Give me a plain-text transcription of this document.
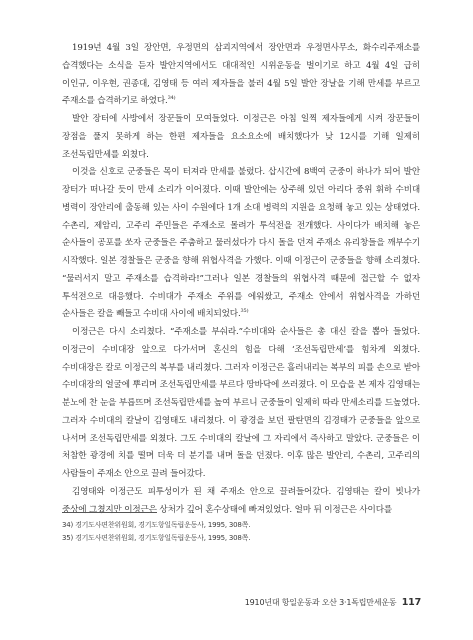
1919년 4월 3일 장안면, 우정면의 삼괴지역에서 장안면과 우정면사무소, 화수리주재소를 습격했다는 소식을 듣자 발안지역에서도 대대적인 시위운동을 벌이기로 하고 4월 4일 급히 이인규, 이우현, 권종대, 김영태 등 여러 제자들을 불러 4월 5일 발안 장날을 기해 만세를 부르고 주재소를 습격하기로 하였다.$^{34)}$

발안 장터에 사방에서 장꾼들이 모여들었다. 이정근은 아침 일찍 제자들에게 시켜 장꾼들이 장점을 풀지 못하게 하는 한편 제자들을 요소요소에 배치했다가 낮 12시를 기해 일제히 조선독립만세를 외쳤다.

이것을 신호로 군중들은 목이 터져라 만세를 불렀다. 삽시간에 8백여 군중이 하나가 되어 발안 장터가 떠나갈 듯이 만세 소리가 이어졌다. 이때 발안에는 상주해 있던 아리다 중위 휘하 수비대 병력이 장안리에 출동해 있는 사이 수원에다 1개 소대 병력의 지원을 요청해 놓고 있는 상태였다. 수촌리, 제암리, 고주리 주민들은 주재소로 몰려가 투석전을 전개했다. 사이다가 배치해 놓은 순사들이 공포를 쏘자 군중들은 주춤하고 물러섰다가 다시 돌을 던져 주재소 유리창들을 깨부수기 시작했다. 일본 경찰들은 군중을 향해 위협사격을 가했다. 이때 이정근이 군중들을 향해 소리쳤다. “물러서지 말고 주재소를 습격하라!”그러나 일본 경찰들의 위협사격 때문에 접근할 수 없자 투석전으로 대응했다. 수비대가 주재소 주위를 에워쌌고, 주재소 안에서 위협사격을 가하던 순사들은 칼을 빼들고 수비대 사이에 배치되었다.$^{35)}$

이정근은 다시 소리쳤다. “주재소를 부숴라.”수비대와 순사들은 총 대신 칼을 뽑아 들었다. 이정근이 수비대장 앞으로 다가서며 혼신의 힘을 다해 ‘조선독립만세’를 힘차게 외쳤다. 수비대장은 칼로 이정근의 복부를 내리쳤다. 그러자 이정근은 흘러내리는 복부의 피를 손으로 받아 수비대장의 얼굴에 뿌리며 조선독립만세를 부르다 땅바닥에 쓰러졌다. 이 모습을 본 제자 김영태는 분노에 찬 눈을 부릅뜨며 조선독립만세를 높여 부르니 군중들이 일제히 따라 만세소리를 드높였다. 그러자 수비대의 칼날이 김영태도 내리쳤다. 이 광경을 보던 팔탄면의 김경태가 군중들을 앞으로 나서며 조선독립만세를 외쳤다. 그도 수비대의 칼날에 그 자리에서 즉사하고 말았다. 군중들은 이 처참한 광경에 치를 떨며 더욱 더 분기를 내며 돌을 던졌다. 이후 많은 발안리, 수촌리, 고주리의 사람들이 주재소 안으로 끌려 들어갔다.

김영태와 이정근도 피투성이가 된 채 주재소 안으로 끌려들어갔다. 김영태는 칼이 빗나가 중상에 그쳤지만 이정근은 상처가 깊어 혼수상태에 빠져있었다. 얼마 뒤 이정근은 사이다를

34) 경기도사편찬위원회, 경기도항일독립운동사, 1995, 308쪽.
35) 경기도사편찬위원회, 경기도항일독립운동사, 1995, 308쪽.
1910년대 항일운동과 오산 3·1독립만세운동 117
